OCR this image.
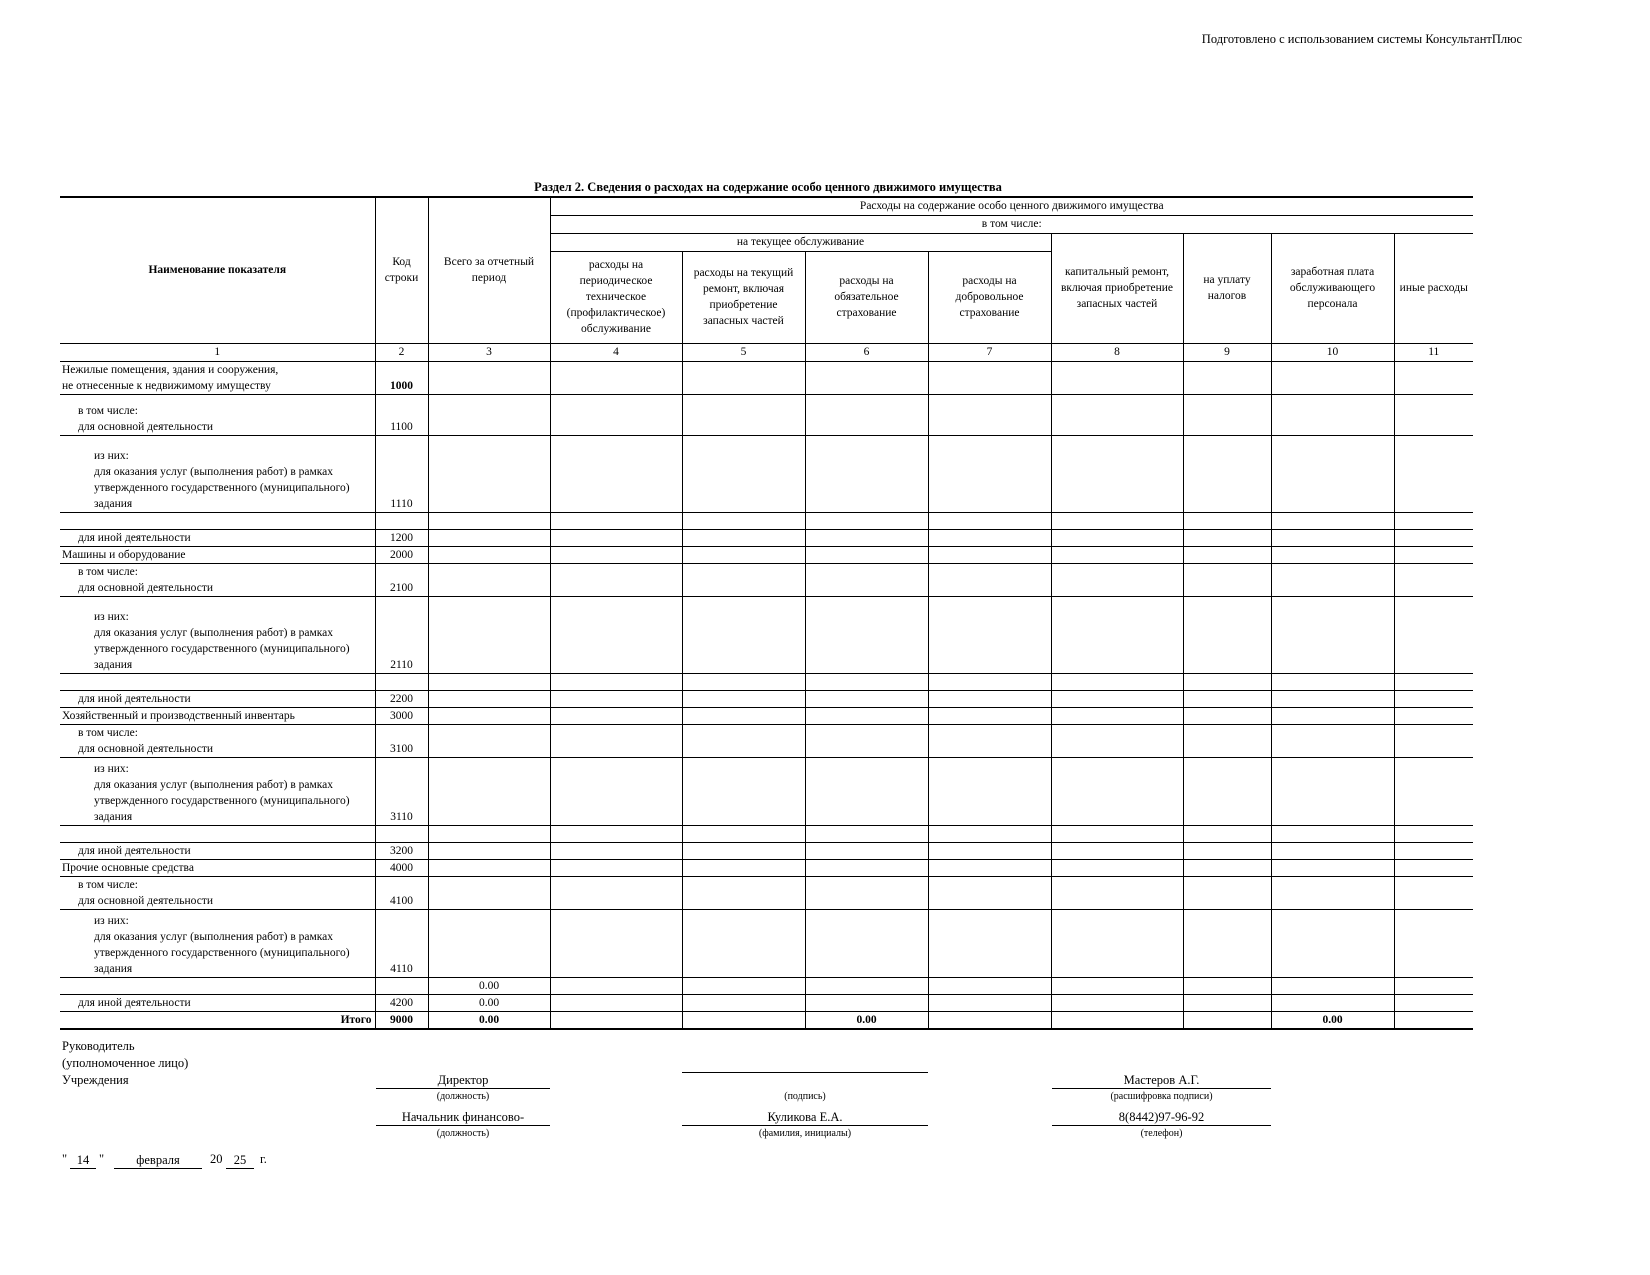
Подготовлено с использованием системы КонсультантПлюс
Раздел 2. Сведения о расходах на содержание особо ценного движимого имущества
Наименование показателя	Код строки	Всего за отчетный период	Расходы на содержание особо ценного движимого имущества							
			в том числе:							
			на текущее обслуживание				капитальный ремонт, включая приобретение запасных частей	на уплату налогов	заработная плата обслуживающего персонала	иные расходы
			расходы на периодическое техническое (профилактическое) обслуживание	расходы на текущий ремонт, включая приобретение запасных частей	расходы на обязательное страхование	расходы на добровольное страхование				
1	2	3	4	5	6	7	8	9	10	11
Нежилые помещения, здания и сооружения,
не отнесенные к недвижимому имуществу	1000									
в том числе:
для основной деятельности	1100									
из них:
для оказания услуг (выполнения работ) в рамках
утвержденного государственного (муниципального)
задания	1110									

для иной деятельности	1200									
Машины и оборудование	2000									
в том числе:
для основной деятельности	2100									
из них:
для оказания услуг (выполнения работ) в рамках
утвержденного государственного (муниципального)
задания	2110									

для иной деятельности	2200									
Хозяйственный и производственный инвентарь	3000									
в том числе:
для основной деятельности	3100									
из них:
для оказания услуг (выполнения работ) в рамках
утвержденного государственного (муниципального)
задания	3110									

для иной деятельности	3200									
Прочие основные средства	4000									
в том числе:
для основной деятельности	4100									
из них:
для оказания услуг (выполнения работ) в рамках
утвержденного государственного (муниципального)
задания	4110									
		0.00								
для иной деятельности	4200	0.00								
Итого	9000	0.00			0.00				0.00	
Руководитель
(уполномоченное лицо)
Учреждения	Директор
(должность)	(подпись)
Мастеров А.Г.
(расшифровка подписи)
Начальник финансово-
(должность)
Куликова Е.А.
(фамилия, инициалы)
8(8442)97-96-92
(телефон)
" 14 "	февраля	20 25	г.
